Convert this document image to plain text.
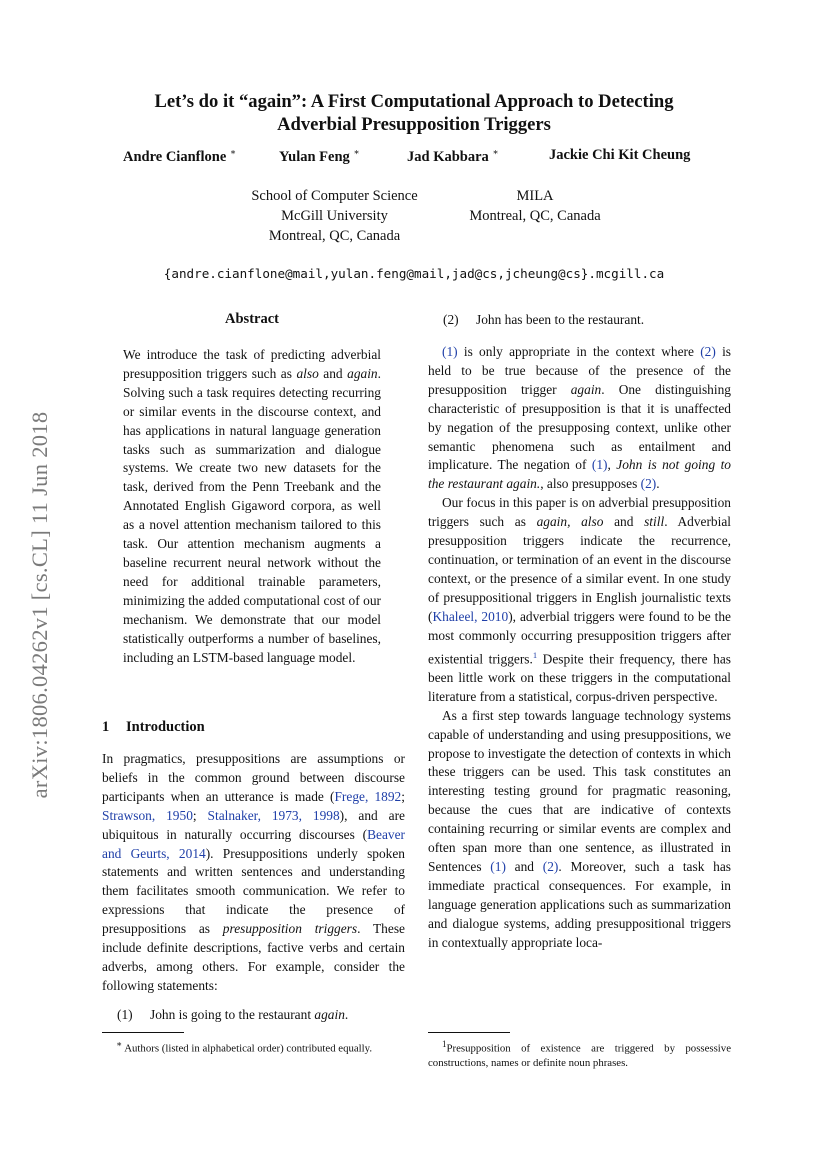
Let’s do it “again”: A First Computational Approach to Detecting
Adverbial Presupposition Triggers
Andre Cianflone ∗	Yulan Feng ∗	Jad Kabbara ∗	Jackie Chi Kit Cheung
School of Computer Science
McGill University
Montreal, QC, Canada
MILA
Montreal, QC, Canada
{andre.cianflone@mail,yulan.feng@mail,jad@cs,jcheung@cs}.mcgill.ca
arXiv:1806.04262v1 [cs.CL] 11 Jun 2018
Abstract

We introduce the task of predicting adverbial presupposition triggers such as also and again. Solving such a task requires detecting recurring or similar events in the discourse context, and has applications in natural language generation tasks such as summarization and dialogue systems. We create two new datasets for the task, derived from the Penn Treebank and the Annotated English Gigaword corpora, as well as a novel attention mechanism tailored to this task. Our attention mechanism augments a baseline recurrent neural network without the need for additional trainable parameters, minimizing the added computational cost of our mechanism. We demonstrate that our model statistically outperforms a number of baselines, including an LSTM-based language model.

1 Introduction

In pragmatics, presuppositions are assumptions or beliefs in the common ground between discourse participants when an utterance is made (Frege, 1892; Strawson, 1950; Stalnaker, 1973, 1998), and are ubiquitous in naturally occurring discourses (Beaver and Geurts, 2014). Presuppositions underly spoken statements and written sentences and understanding them facilitates smooth communication. We refer to expressions that indicate the presence of presuppositions as presupposition triggers. These include definite descriptions, factive verbs and certain adverbs, among others. For example, consider the following statements:

(1) John is going to the restaurant again.
(2) John has been to the restaurant.

(1) is only appropriate in the context where (2) is held to be true because of the presence of the presupposition trigger again. One distinguishing characteristic of presupposition is that it is unaffected by negation of the presupposing context, unlike other semantic phenomena such as entailment and implicature. The negation of (1), John is not going to the restaurant again., also presupposes (2).

Our focus in this paper is on adverbial presupposition triggers such as again, also and still. Adverbial presupposition triggers indicate the recurrence, continuation, or termination of an event in the discourse context, or the presence of a similar event. In one study of presuppositional triggers in English journalistic texts (Khaleel, 2010), adverbial triggers were found to be the most commonly occurring presupposition triggers after existential triggers.$^1$ Despite their frequency, there has been little work on these triggers in the computational literature from a statistical, corpus-driven perspective.

As a first step towards language technology systems capable of understanding and using presuppositions, we propose to investigate the detection of contexts in which these triggers can be used. This task constitutes an interesting testing ground for pragmatic reasoning, because the cues that are indicative of contexts containing recurring or similar events are complex and often span more than one sentence, as illustrated in Sentences (1) and (2). Moreover, such a task has immediate practical consequences. For example, in language generation applications such as summarization and dialogue systems, adding presuppositional triggers in contextually appropriate loca-

∗ Authors (listed in alphabetical order) contributed equally.	$^1$Presupposition of existence are triggered by possessive constructions, names or definite noun phrases.
